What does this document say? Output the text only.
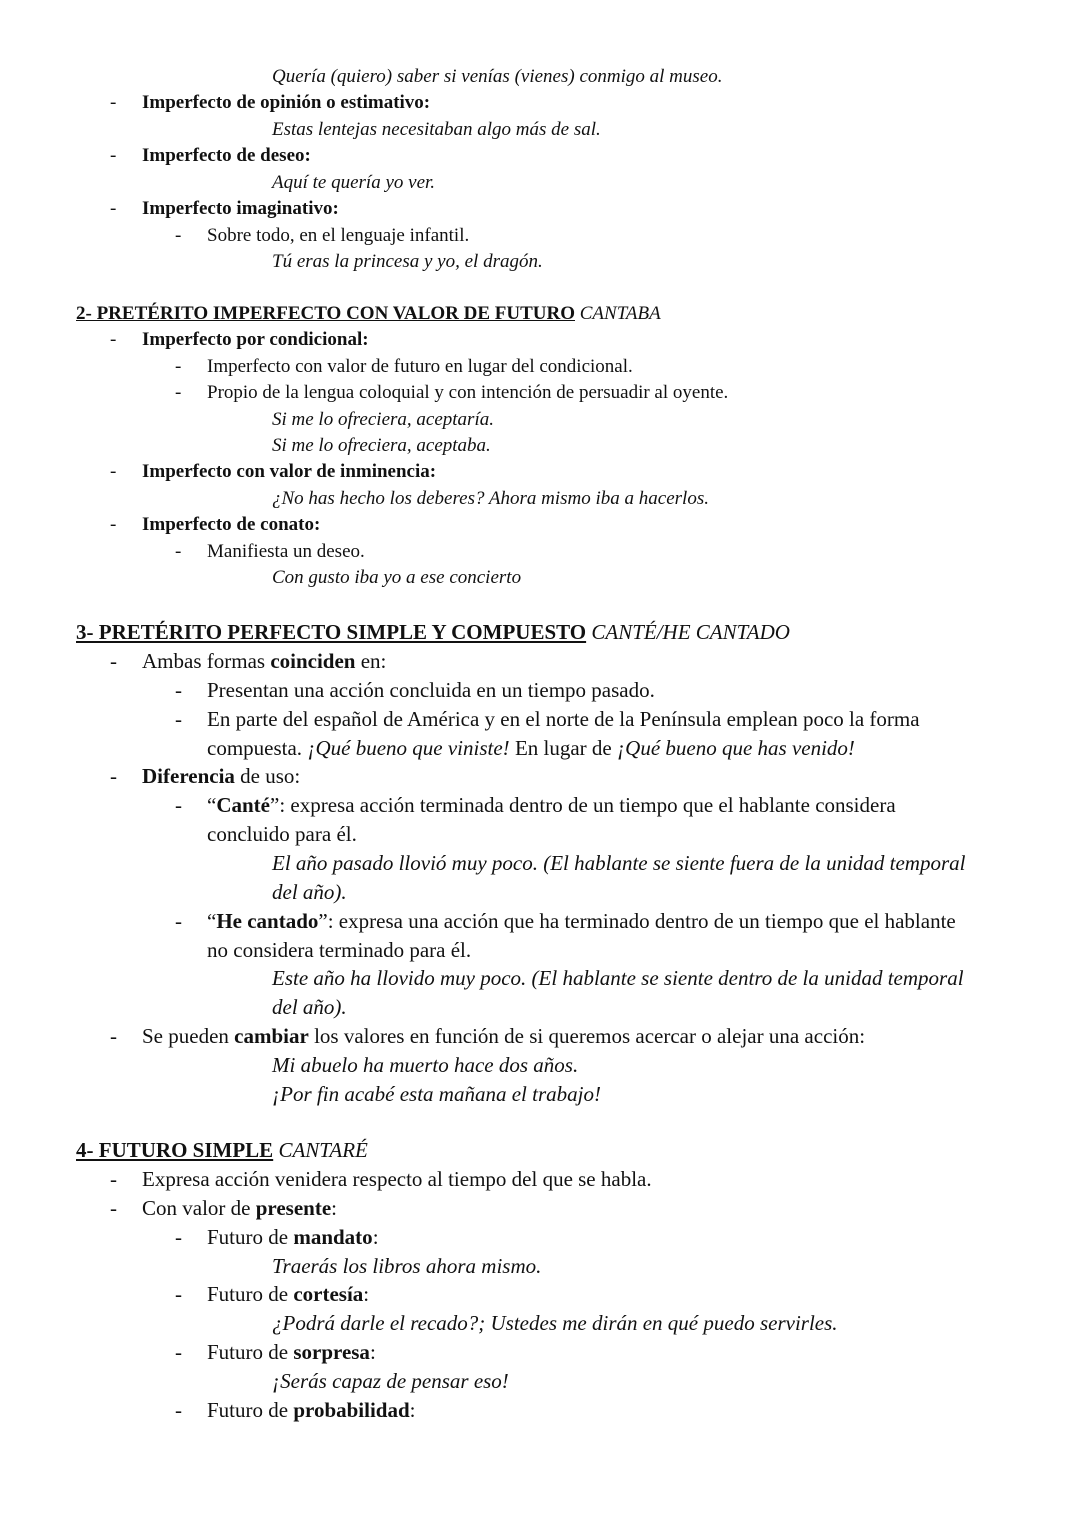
Quería (quiero) saber si venías (vienes) conmigo al museo.
- Imperfecto de opinión o estimativo:
Estas lentejas necesitaban algo más de sal.
- Imperfecto de deseo:
Aquí te quería yo ver.
- Imperfecto imaginativo:
- Sobre todo, en el lenguaje infantil.
Tú eras la princesa y yo, el dragón.
2- PRETÉRITO IMPERFECTO CON VALOR DE FUTURO CANTABA
- Imperfecto por condicional:
- Imperfecto con valor de futuro en lugar del condicional.
- Propio de la lengua coloquial y con intención de persuadir al oyente.
Si me lo ofreciera, aceptaría.
Si me lo ofreciera, aceptaba.
- Imperfecto con valor de inminencia:
¿No has hecho los deberes? Ahora mismo iba a hacerlos.
- Imperfecto de conato:
- Manifiesta un deseo.
Con gusto iba yo a ese concierto
3- PRETÉRITO PERFECTO SIMPLE Y COMPUESTO CANTÉ/HE CANTADO
- Ambas formas coinciden en:
- Presentan una acción concluida en un tiempo pasado.
- En parte del español de América y en el norte de la Península emplean poco la forma
compuesta. ¡Qué bueno que viniste! En lugar de ¡Qué bueno que has venido!
- Diferencia de uso:
- “Canté”: expresa acción terminada dentro de un tiempo que el hablante considera
concluido para él.
El año pasado llovió muy poco. (El hablante se siente fuera de la unidad temporal
del año).
- “He cantado”: expresa una acción que ha terminado dentro de un tiempo que el hablante
no considera terminado para él.
Este año ha llovido muy poco. (El hablante se siente dentro de la unidad temporal
del año).
- Se pueden cambiar los valores en función de si queremos acercar o alejar una acción:
Mi abuelo ha muerto hace dos años.
¡Por fin acabé esta mañana el trabajo!
4- FUTURO SIMPLE CANTARÉ
- Expresa acción venidera respecto al tiempo del que se habla.
- Con valor de presente:
- Futuro de mandato:
Traerás los libros ahora mismo.
- Futuro de cortesía:
¿Podrá darle el recado?; Ustedes me dirán en qué puedo servirles.
- Futuro de sorpresa:
¡Serás capaz de pensar eso!
- Futuro de probabilidad:
